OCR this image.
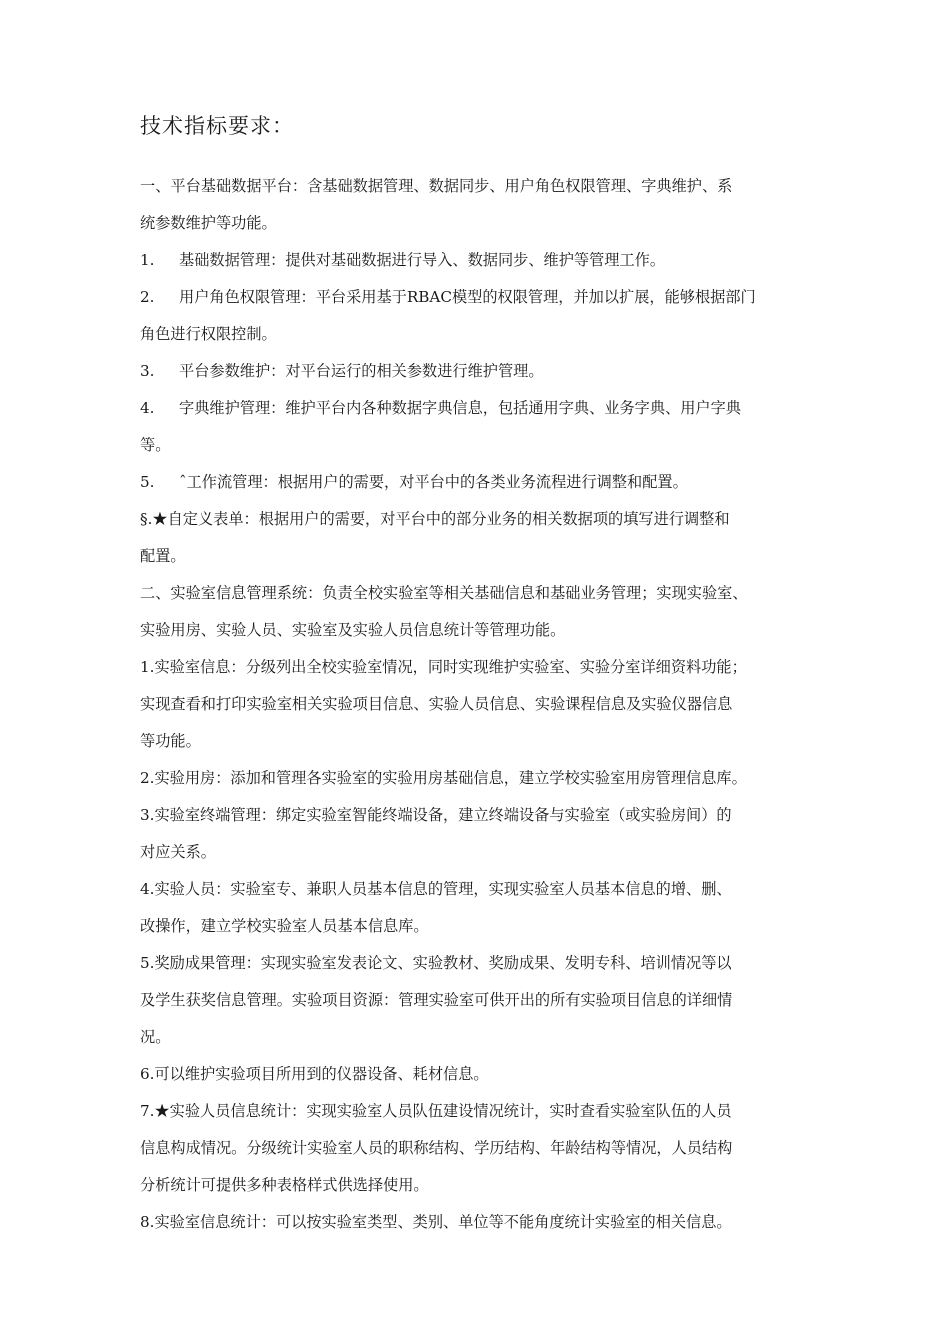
技术指标要求：
一、平台基础数据平台：含基础数据管理、数据同步、用户角色权限管理、字典维护、系
统参数维护等功能。
1. 基础数据管理：提供对基础数据进行导入、数据同步、维护等管理工作。
2. 用户角色权限管理：平台采用基于RBAC模型的权限管理，并加以扩展，能够根据部门
角色进行权限控制。
3. 平台参数维护：对平台运行的相关参数进行维护管理。
4. 字典维护管理：维护平台内各种数据字典信息，包括通用字典、业务字典、用户字典
等。
5. ˆ工作流管理：根据用户的需要，对平台中的各类业务流程进行调整和配置。
§.★自定义表单：根据用户的需要，对平台中的部分业务的相关数据项的填写进行调整和
配置。
二、实验室信息管理系统：负责全校实验室等相关基础信息和基础业务管理；实现实验室、
实验用房、实验人员、实验室及实验人员信息统计等管理功能。
1.实验室信息：分级列出全校实验室情况，同时实现维护实验室、实验分室详细资料功能；
实现查看和打印实验室相关实验项目信息、实验人员信息、实验课程信息及实验仪器信息
等功能。
2.实验用房：添加和管理各实验室的实验用房基础信息，建立学校实验室用房管理信息库。
3.实验室终端管理：绑定实验室智能终端设备，建立终端设备与实验室（或实验房间）的
对应关系。
4.实验人员：实验室专、兼职人员基本信息的管理，实现实验室人员基本信息的增、删、
改操作，建立学校实验室人员基本信息库。
5.奖励成果管理：实现实验室发表论文、实验教材、奖励成果、发明专科、培训情况等以
及学生获奖信息管理。实验项目资源：管理实验室可供开出的所有实验项目信息的详细情
况。
6.可以维护实验项目所用到的仪器设备、耗材信息。
7.★实验人员信息统计：实现实验室人员队伍建设情况统计，实时查看实验室队伍的人员
信息构成情况。分级统计实验室人员的职称结构、学历结构、年龄结构等情况，人员结构
分析统计可提供多种表格样式供选择使用。
8.实验室信息统计：可以按实验室类型、类别、单位等不能角度统计实验室的相关信息。
